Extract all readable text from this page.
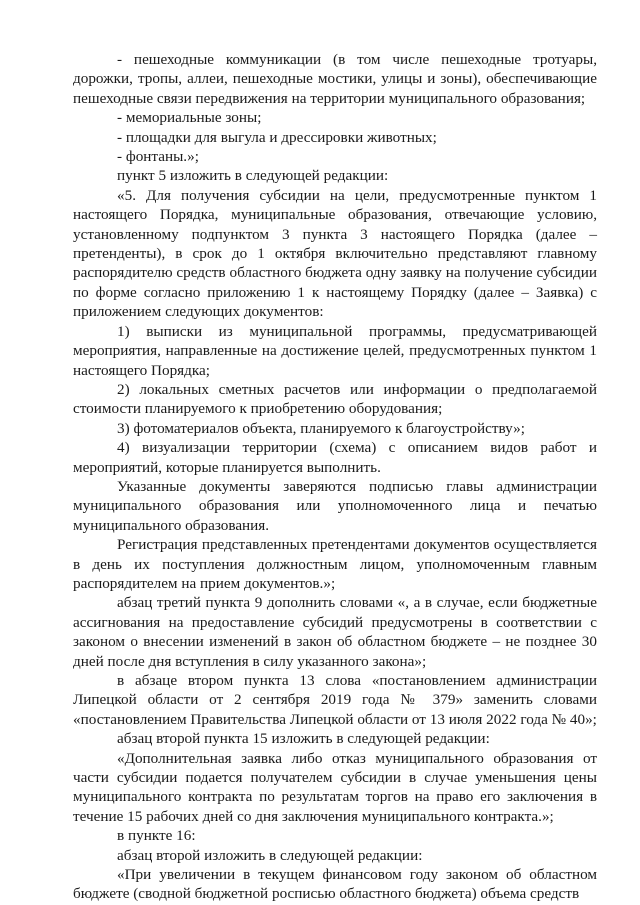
- пешеходные коммуникации (в том числе пешеходные тротуары, дорожки, тропы, аллеи, пешеходные мостики, улицы и зоны), обеспечивающие пешеходные связи передвижения на территории муниципального образования;

- мемориальные зоны;

- площадки для выгула и дрессировки животных;

- фонтаны.»;

пункт 5 изложить в следующей редакции:

«5. Для получения субсидии на цели, предусмотренные пунктом 1 настоящего Порядка, муниципальные образования, отвечающие условию, установленному подпунктом 3 пункта 3 настоящего Порядка (далее – претенденты), в срок до 1 октября включительно представляют главному распорядителю средств областного бюджета одну заявку на получение субсидии по форме согласно приложению 1 к настоящему Порядку (далее – Заявка) с приложением следующих документов:

1) выписки из муниципальной программы, предусматривающей мероприятия, направленные на достижение целей, предусмотренных пунктом 1 настоящего Порядка;

2) локальных сметных расчетов или информации о предполагаемой стоимости планируемого к приобретению оборудования;

3) фотоматериалов объекта, планируемого к благоустройству»;

4) визуализации территории (схема) с описанием видов работ и мероприятий, которые планируется выполнить.

Указанные документы заверяются подписью главы администрации муниципального образования или уполномоченного лица и печатью муниципального образования.

Регистрация представленных претендентами документов осуществляется в день их поступления должностным лицом, уполномоченным главным распорядителем на прием документов.»;

абзац третий пункта 9 дополнить словами «, а в случае, если бюджетные ассигнования на предоставление субсидий предусмотрены в соответствии с законом о внесении изменений в закон об областном бюджете – не позднее 30 дней после дня вступления в силу указанного закона»;

в абзаце втором пункта 13 слова «постановлением администрации Липецкой области от 2 сентября 2019 года № 379» заменить словами «постановлением Правительства Липецкой области от 13 июля 2022 года № 40»;

абзац второй пункта 15 изложить в следующей редакции:

«Дополнительная заявка либо отказ муниципального образования от части субсидии подается получателем субсидии в случае уменьшения цены муниципального контракта по результатам торгов на право его заключения в течение 15 рабочих дней со дня заключения муниципального контракта.»;

в пункте 16:

абзац второй изложить в следующей редакции:

«При увеличении в текущем финансовом году законом об областном бюджете (сводной бюджетной росписью областного бюджета) объема средств
